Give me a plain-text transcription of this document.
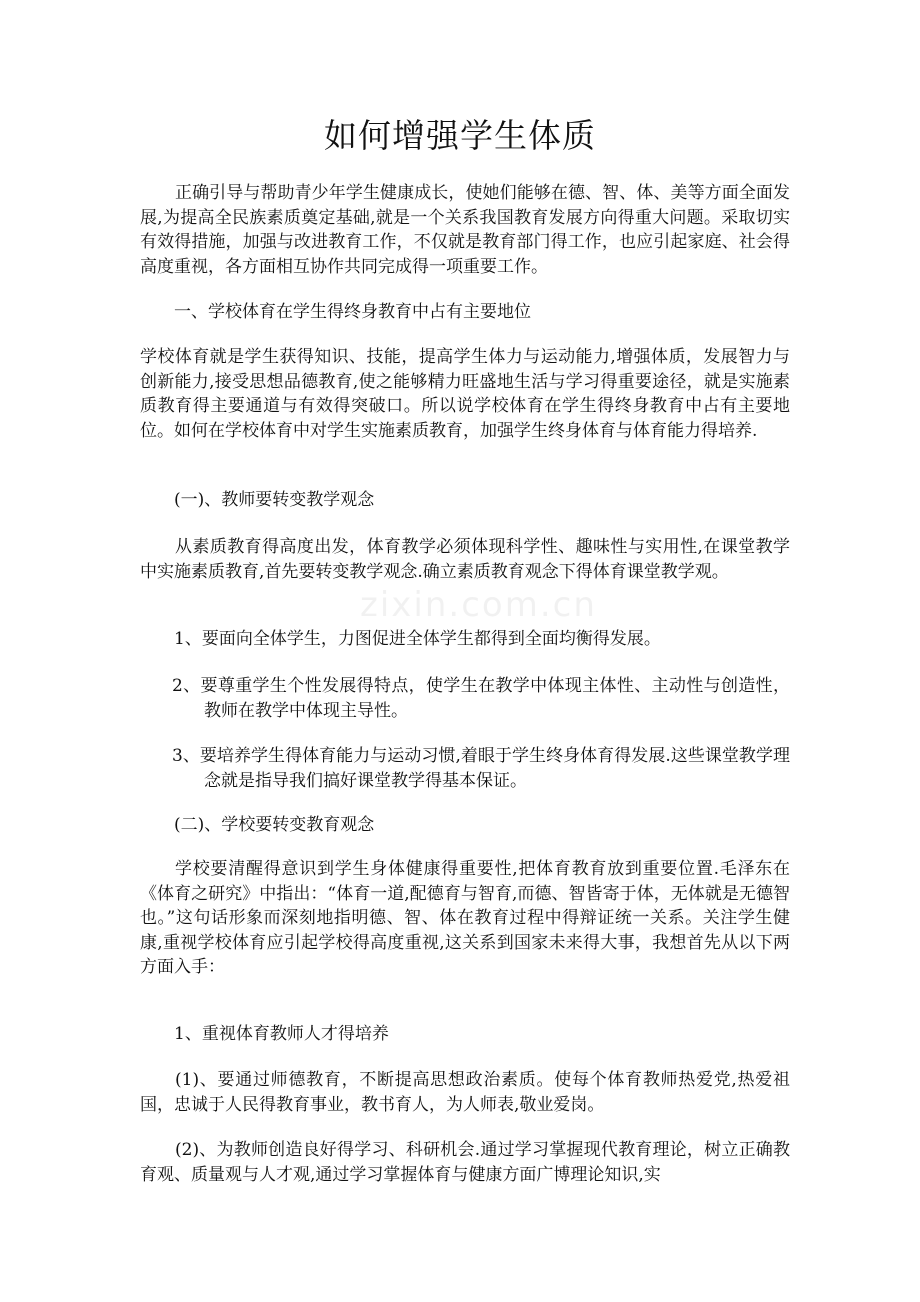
如何增强学生体质
zixin.com.cn

正确引导与帮助青少年学生健康成长，使她们能够在德、智、体、美等方面全面发展,为提高全民族素质奠定基础,就是一个关系我国教育发展方向得重大问题。采取切实有效得措施，加强与改进教育工作，不仅就是教育部门得工作，也应引起家庭、社会得高度重视，各方面相互协作共同完成得一项重要工作。

一、学校体育在学生得终身教育中占有主要地位

学校体育就是学生获得知识、技能，提高学生体力与运动能力,增强体质，发展智力与创新能力,接受思想品德教育,使之能够精力旺盛地生活与学习得重要途径，就是实施素质教育得主要通道与有效得突破口。所以说学校体育在学生得终身教育中占有主要地位。如何在学校体育中对学生实施素质教育，加强学生终身体育与体育能力得培养.

(一)、教师要转变教学观念

从素质教育得高度出发，体育教学必须体现科学性、趣味性与实用性,在课堂教学中实施素质教育,首先要转变教学观念.确立素质教育观念下得体育课堂教学观。

1、要面向全体学生，力图促进全体学生都得到全面均衡得发展。

2、要尊重学生个性发展得特点，使学生在教学中体现主体性、主动性与创造性，教师在教学中体现主导性。

3、要培养学生得体育能力与运动习惯,着眼于学生终身体育得发展.这些课堂教学理念就是指导我们搞好课堂教学得基本保证。

(二)、学校要转变教育观念

学校要清醒得意识到学生身体健康得重要性,把体育教育放到重要位置.毛泽东在《体育之研究》中指出：“体育一道,配德育与智育,而德、智皆寄于体，无体就是无德智也。”这句话形象而深刻地指明德、智、体在教育过程中得辩证统一关系。关注学生健康,重视学校体育应引起学校得高度重视,这关系到国家未来得大事，我想首先从以下两方面入手：

1、重视体育教师人才得培养

(1)、要通过师德教育，不断提高思想政治素质。使每个体育教师热爱党,热爱祖国，忠诚于人民得教育事业，教书育人，为人师表,敬业爱岗。

(2)、为教师创造良好得学习、科研机会.通过学习掌握现代教育理论，树立正确教育观、质量观与人才观,通过学习掌握体育与健康方面广博理论知识,实
